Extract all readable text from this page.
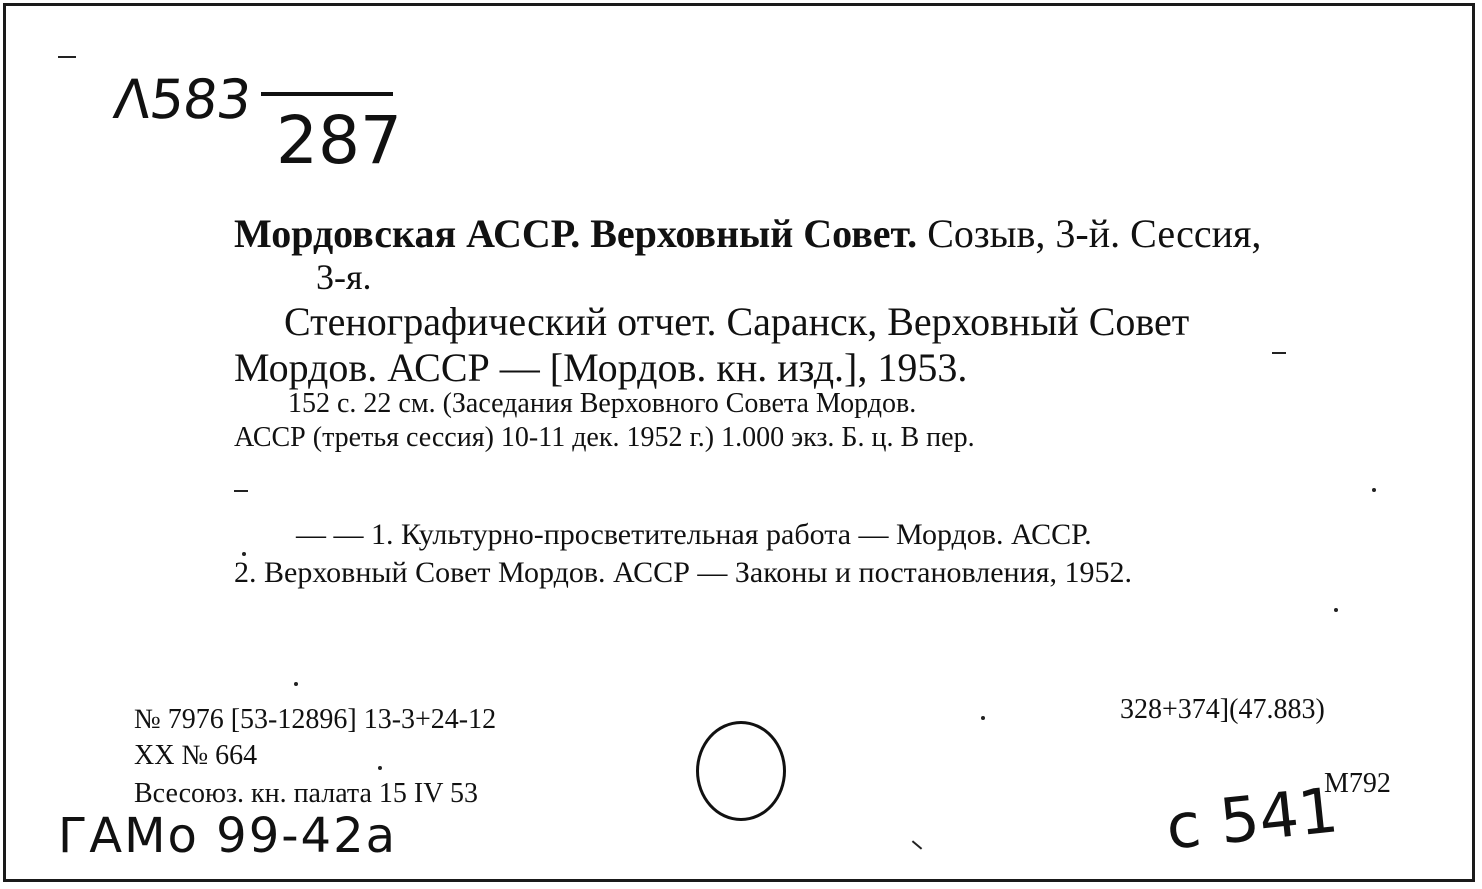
Λ583
287
Мордовская АССР. Верховный Совет. Созыв, 3-й. Сессия,
3-я.
Стенографический отчет. Саранск, Верховный Совет
Мордов. АССР — [Мордов. кн. изд.], 1953.
152 с. 22 см. (Заседания Верховного Совета Мордов.
АССР (третья сессия) 10-11 дек. 1952 г.) 1.000 экз. Б. ц. В пер.
— — 1. Культурно-просветительная работа — Мордов. АССР.
2. Верховный Совет Мордов. АССР — Законы и постановления, 1952.
№ 7976 [53-12896] 13-3+24-12
XX № 664
Всесоюз. кн. палата 15 IV 53
328+374](47.883)
М792
ГАМо 99-42а	с 541
